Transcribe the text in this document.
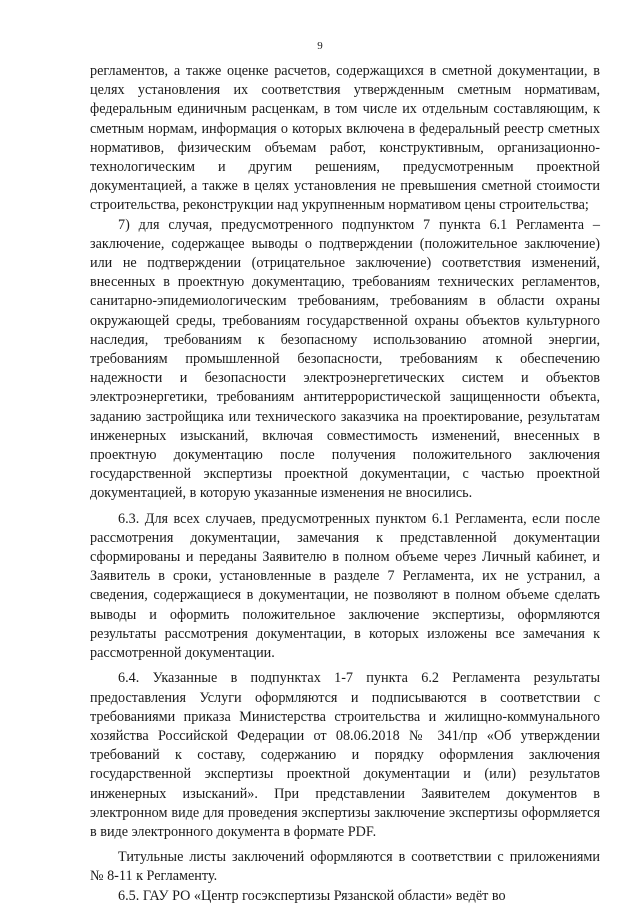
9

регламентов, а также оценке расчетов, содержащихся в сметной документации, в целях установления их соответствия утвержденным сметным нормативам, федеральным единичным расценкам, в том числе их отдельным составляющим, к сметным нормам, информация о которых включена в федеральный реестр сметных нормативов, физическим объемам работ, конструктивным, организационно-технологическим и другим решениям, предусмотренным проектной документацией, а также в целях установления не превышения сметной стоимости строительства, реконструкции над укрупненным нормативом цены строительства;

7) для случая, предусмотренного подпунктом 7 пункта 6.1 Регламента – заключение, содержащее выводы о подтверждении (положительное заключение) или не подтверждении (отрицательное заключение) соответствия изменений, внесенных в проектную документацию, требованиям технических регламентов, санитарно-эпидемиологическим требованиям, требованиям в области охраны окружающей среды, требованиям государственной охраны объектов культурного наследия, требованиям к безопасному использованию атомной энергии, требованиям промышленной безопасности, требованиям к обеспечению надежности и безопасности электроэнергетических систем и объектов электроэнергетики, требованиям антитеррористической защищенности объекта, заданию застройщика или технического заказчика на проектирование, результатам инженерных изысканий, включая совместимость изменений, внесенных в проектную документацию после получения положительного заключения государственной экспертизы проектной документации, с частью проектной документацией, в которую указанные изменения не вносились.

6.3. Для всех случаев, предусмотренных пунктом 6.1 Регламента, если после рассмотрения документации, замечания к представленной документации сформированы и переданы Заявителю в полном объеме через Личный кабинет, и Заявитель в сроки, установленные в разделе 7 Регламента, их не устранил, а сведения, содержащиеся в документации, не позволяют в полном объеме сделать выводы и оформить положительное заключение экспертизы, оформляются результаты рассмотрения документации, в которых изложены все замечания к рассмотренной документации.

6.4. Указанные в подпунктах 1-7 пункта 6.2 Регламента результаты предоставления Услуги оформляются и подписываются в соответствии с требованиями приказа Министерства строительства и жилищно-коммунального хозяйства Российской Федерации от 08.06.2018 № 341/пр «Об утверждении требований к составу, содержанию и порядку оформления заключения государственной экспертизы проектной документации и (или) результатов инженерных изысканий». При представлении Заявителем документов в электронном виде для проведения экспертизы заключение экспертизы оформляется в виде электронного документа в формате PDF.

Титульные листы заключений оформляются в соответствии с приложениями № 8-11 к Регламенту.

6.5. ГАУ РО «Центр госэкспертизы Рязанской области» ведёт во
